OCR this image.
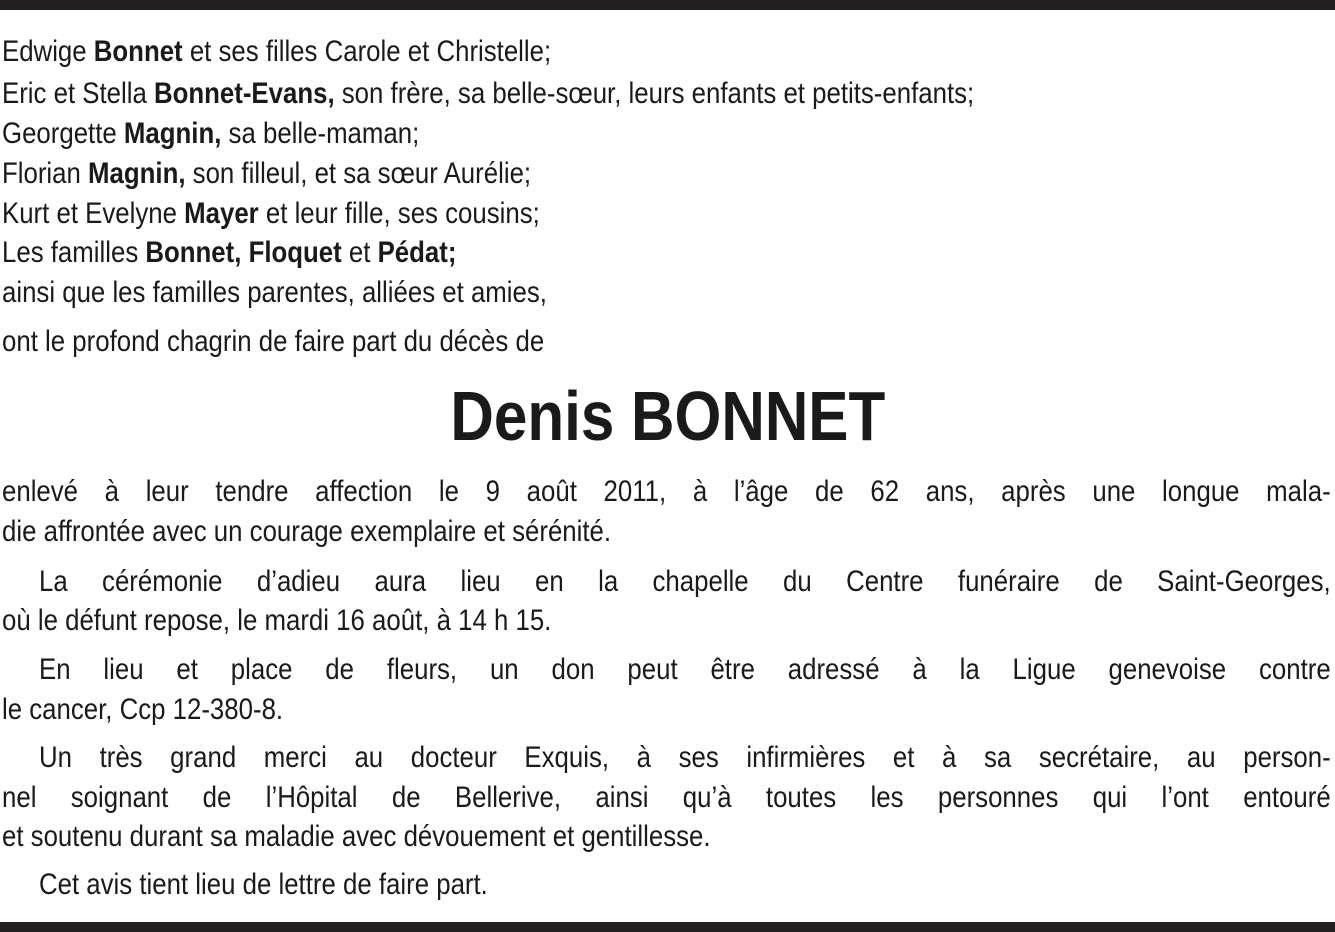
Edwige Bonnet et ses filles Carole et Christelle;
Eric et Stella Bonnet-Evans, son frère, sa belle-sœur, leurs enfants et petits-enfants;
Georgette Magnin, sa belle-maman;
Florian Magnin, son filleul, et sa sœur Aurélie;
Kurt et Evelyne Mayer et leur fille, ses cousins;
Les familles Bonnet, Floquet et Pédat;
ainsi que les familles parentes, alliées et amies,
ont le profond chagrin de faire part du décès de
Denis BONNET
enlevé à leur tendre affection le 9 août 2011, à l’âge de 62 ans, après une longue mala-
die affrontée avec un courage exemplaire et sérénité.
La cérémonie d’adieu aura lieu en la chapelle du Centre funéraire de Saint-Georges,
où le défunt repose, le mardi 16 août, à 14 h 15.
En lieu et place de fleurs, un don peut être adressé à la Ligue genevoise contre
le cancer, Ccp 12-380-8.
Un très grand merci au docteur Exquis, à ses infirmières et à sa secrétaire, au person-
nel soignant de l’Hôpital de Bellerive, ainsi qu’à toutes les personnes qui l’ont entouré
et soutenu durant sa maladie avec dévouement et gentillesse.
Cet avis tient lieu de lettre de faire part.
